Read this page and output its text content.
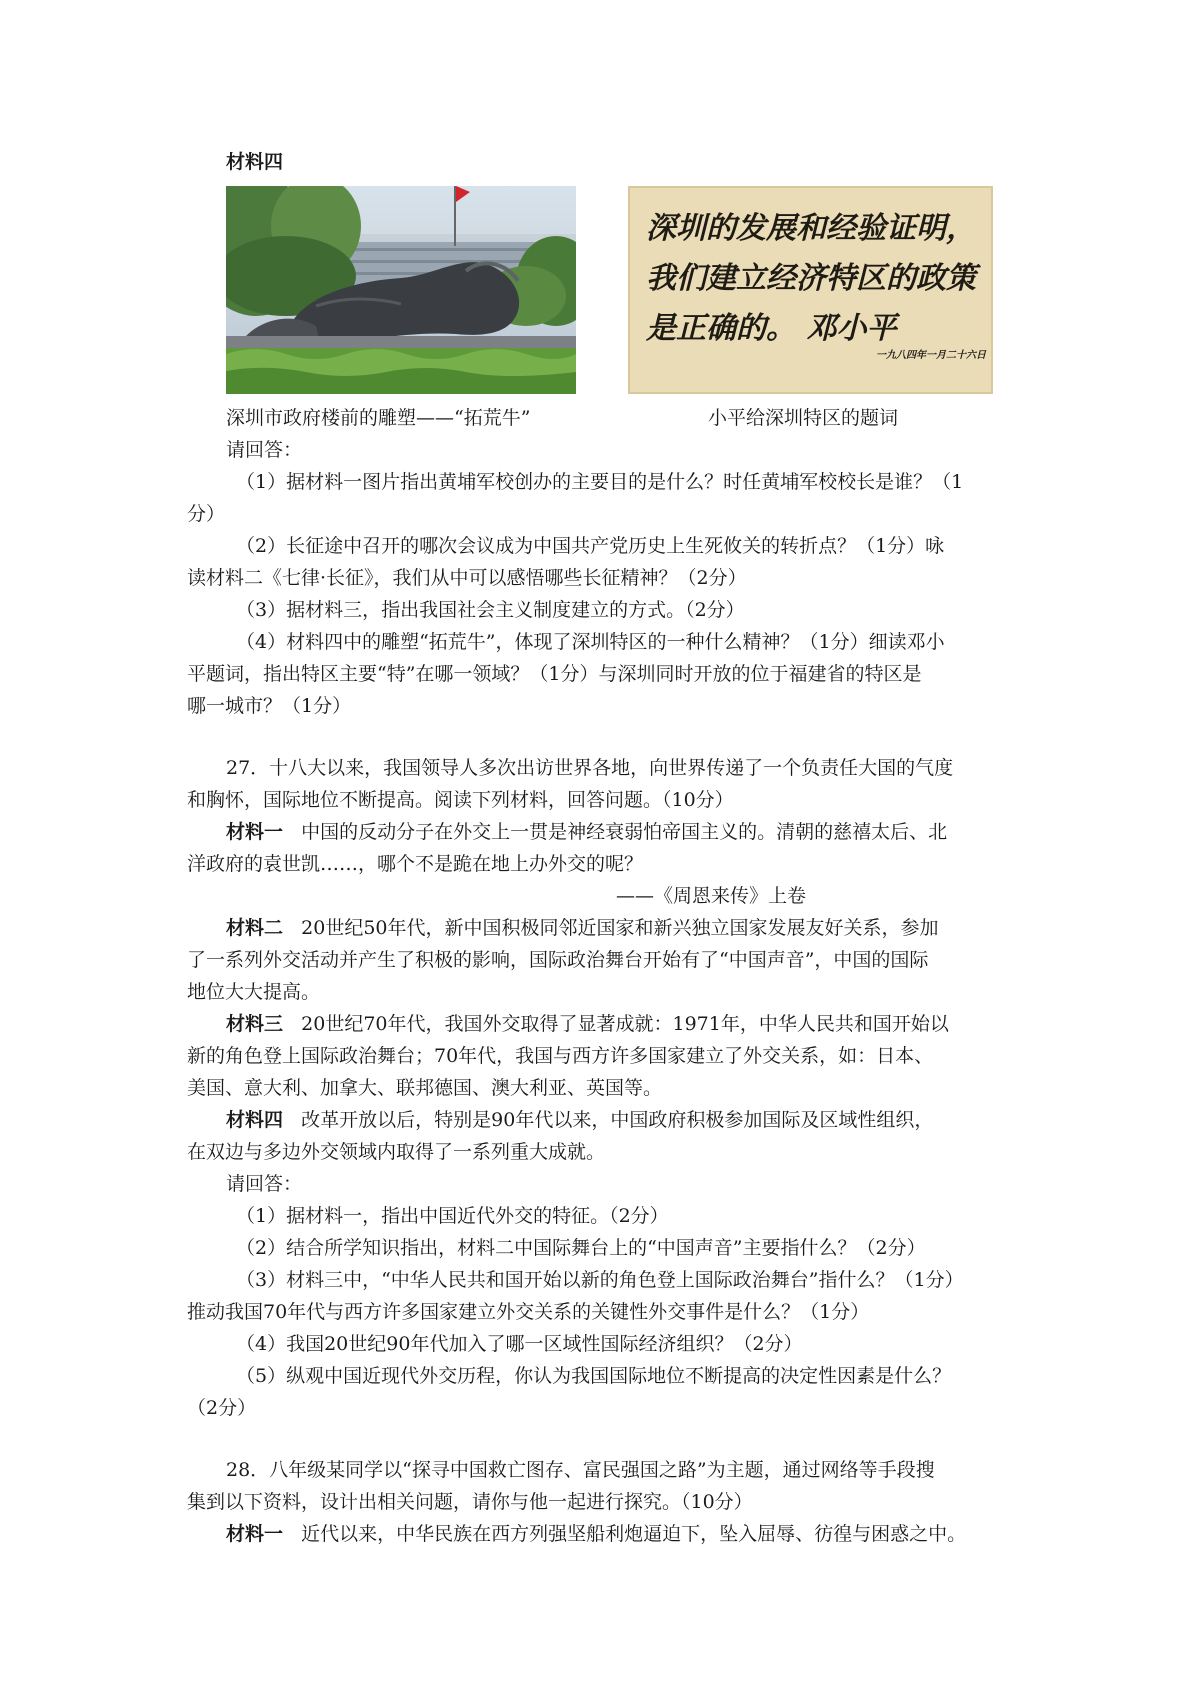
材料四
深圳的发展和经验证明，
我们建立经济特区的政策
是正确的。 邓小平
一九八四年一月二十六日
深圳市政府楼前的雕塑——“拓荒牛”	小平给深圳特区的题词
请回答：
（1）据材料一图片指出黄埔军校创办的主要目的是什么？时任黄埔军校校长是谁？（1
分）
（2）长征途中召开的哪次会议成为中国共产党历史上生死攸关的转折点？（1分）咏
读材料二《七律·长征》，我们从中可以感悟哪些长征精神？（2分）
（3）据材料三，指出我国社会主义制度建立的方式。（2分）
（4）材料四中的雕塑“拓荒牛”，体现了深圳特区的一种什么精神？（1分）细读邓小
平题词，指出特区主要“特”在哪一领域？（1分）与深圳同时开放的位于福建省的特区是
哪一城市？（1分）
27．十八大以来，我国领导人多次出访世界各地，向世界传递了一个负责任大国的气度
和胸怀，国际地位不断提高。阅读下列材料，回答问题。（10分）
材料一 中国的反动分子在外交上一贯是神经衰弱怕帝国主义的。清朝的慈禧太后、北
洋政府的袁世凯……，哪个不是跪在地上办外交的呢？
——《周恩来传》上卷
材料二 20世纪50年代，新中国积极同邻近国家和新兴独立国家发展友好关系，参加
了一系列外交活动并产生了积极的影响，国际政治舞台开始有了“中国声音”，中国的国际
地位大大提高。
材料三 20世纪70年代，我国外交取得了显著成就：1971年，中华人民共和国开始以
新的角色登上国际政治舞台；70年代，我国与西方许多国家建立了外交关系，如：日本、
美国、意大利、加拿大、联邦德国、澳大利亚、英国等。
材料四 改革开放以后，特别是90年代以来，中国政府积极参加国际及区域性组织，
在双边与多边外交领域内取得了一系列重大成就。
请回答：
（1）据材料一，指出中国近代外交的特征。（2分）
（2）结合所学知识指出，材料二中国际舞台上的“中国声音”主要指什么？（2分）
（3）材料三中，“中华人民共和国开始以新的角色登上国际政治舞台”指什么？（1分）
推动我国70年代与西方许多国家建立外交关系的关键性外交事件是什么？（1分）
（4）我国20世纪90年代加入了哪一区域性国际经济组织？（2分）
（5）纵观中国近现代外交历程，你认为我国国际地位不断提高的决定性因素是什么？
（2分）
28．八年级某同学以“探寻中国救亡图存、富民强国之路”为主题，通过网络等手段搜
集到以下资料，设计出相关问题，请你与他一起进行探究。（10分）
材料一 近代以来，中华民族在西方列强坚船利炮逼迫下，坠入屈辱、彷徨与困惑之中。
